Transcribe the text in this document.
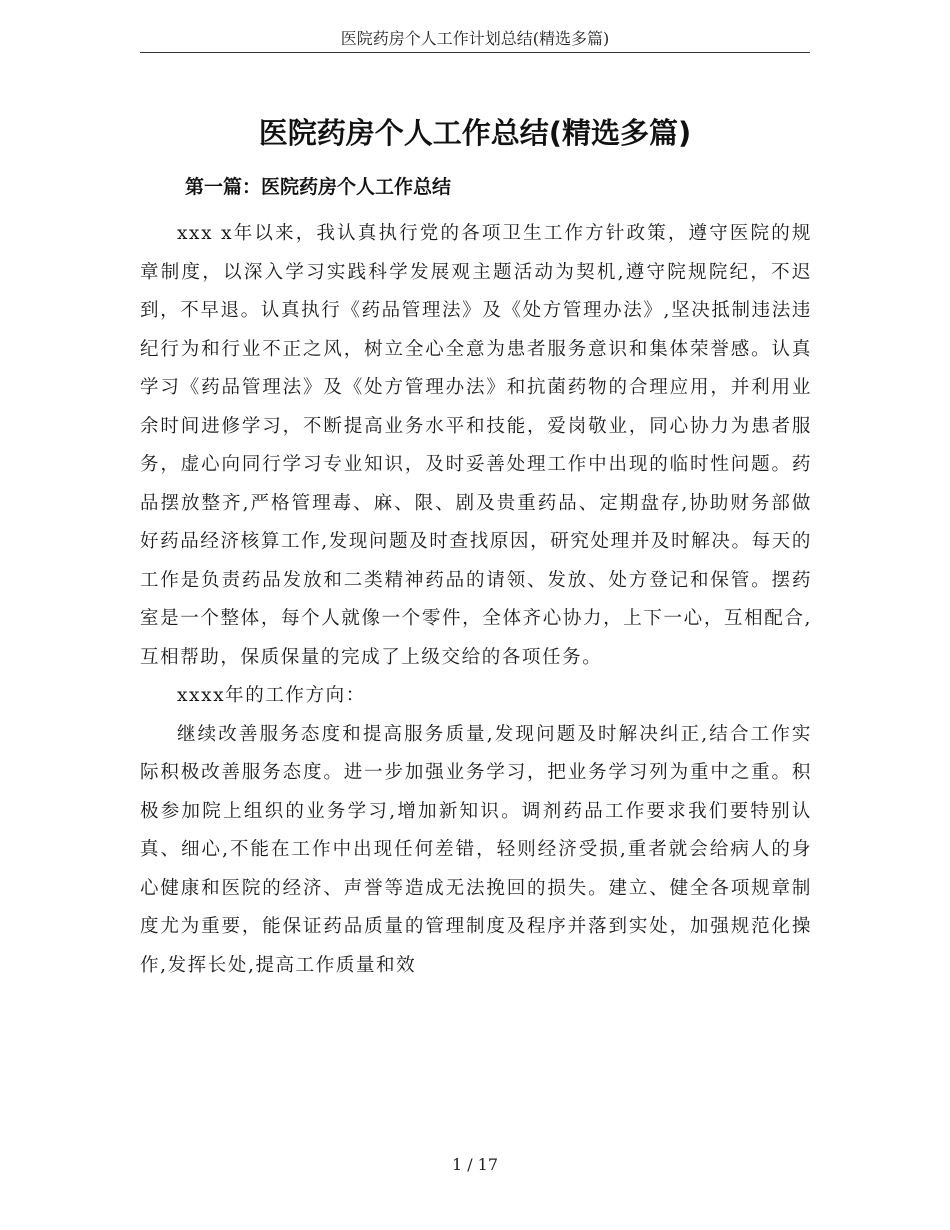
医院药房个人工作计划总结(精选多篇)
医院药房个人工作总结(精选多篇)
第一篇：医院药房个人工作总结

xxx x年以来，我认真执行党的各项卫生工作方针政策，遵守医院的规章制度，以深入学习实践科学发展观主题活动为契机,遵守院规院纪，不迟到，不早退。认真执行《药品管理法》及《处方管理办法》,坚决抵制违法违纪行为和行业不正之风，树立全心全意为患者服务意识和集体荣誉感。认真学习《药品管理法》及《处方管理办法》和抗菌药物的合理应用，并利用业余时间进修学习，不断提高业务水平和技能，爱岗敬业，同心协力为患者服务，虚心向同行学习专业知识，及时妥善处理工作中出现的临时性问题。药品摆放整齐,严格管理毒、麻、限、剧及贵重药品、定期盘存,协助财务部做好药品经济核算工作,发现问题及时查找原因，研究处理并及时解决。每天的工作是负责药品发放和二类精神药品的请领、发放、处方登记和保管。摆药室是一个整体，每个人就像一个零件，全体齐心协力，上下一心，互相配合,互相帮助，保质保量的完成了上级交给的各项任务。

xxxx年的工作方向：

继续改善服务态度和提高服务质量,发现问题及时解决纠正,结合工作实际积极改善服务态度。进一步加强业务学习，把业务学习列为重中之重。积极参加院上组织的业务学习,增加新知识。调剂药品工作要求我们要特别认真、细心,不能在工作中出现任何差错，轻则经济受损,重者就会给病人的身心健康和医院的经济、声誉等造成无法挽回的损失。建立、健全各项规章制度尤为重要，能保证药品质量的管理制度及程序并落到实处，加强规范化操作,发挥长处,提高工作质量和效

1 / 17
